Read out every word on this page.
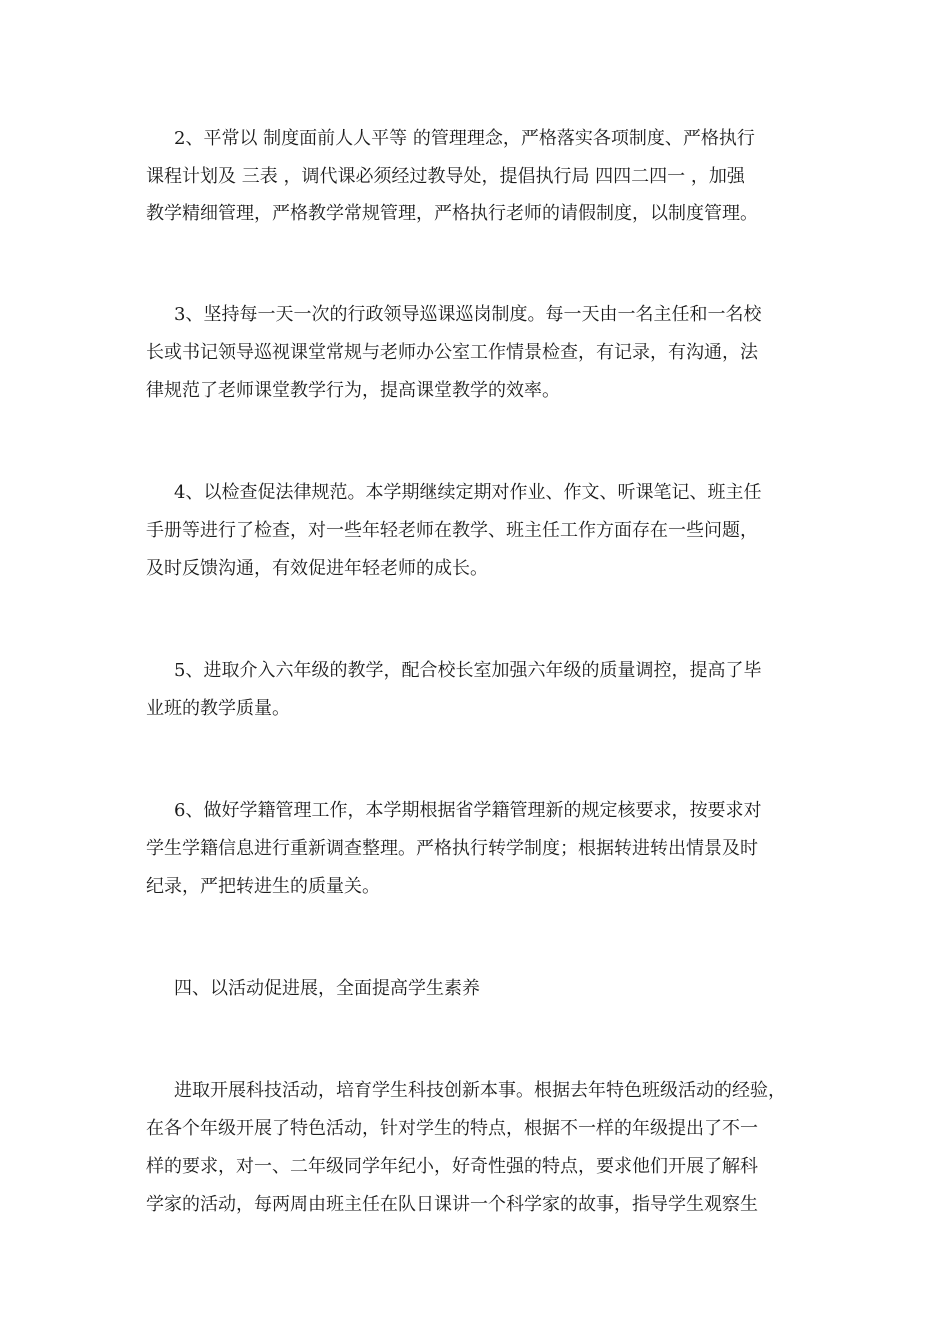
2、平常以 制度面前人人平等 的管理理念，严格落实各项制度、严格执行

课程计划及 三表 ，调代课必须经过教导处，提倡执行局 四四二四一 ，加强

教学精细管理，严格教学常规管理，严格执行老师的请假制度，以制度管理。

3、坚持每一天一次的行政领导巡课巡岗制度。每一天由一名主任和一名校

长或书记领导巡视课堂常规与老师办公室工作情景检查，有记录，有沟通，法

律规范了老师课堂教学行为，提高课堂教学的效率。

4、以检查促法律规范。本学期继续定期对作业、作文、听课笔记、班主任

手册等进行了检查，对一些年轻老师在教学、班主任工作方面存在一些问题，

及时反馈沟通，有效促进年轻老师的成长。

5、进取介入六年级的教学，配合校长室加强六年级的质量调控，提高了毕

业班的教学质量。

6、做好学籍管理工作，本学期根据省学籍管理新的规定核要求，按要求对

学生学籍信息进行重新调查整理。严格执行转学制度；根据转进转出情景及时

纪录，严把转进生的质量关。

四、以活动促进展，全面提高学生素养

进取开展科技活动，培育学生科技创新本事。根据去年特色班级活动的经验，

在各个年级开展了特色活动，针对学生的特点，根据不一样的年级提出了不一

样的要求，对一、二年级同学年纪小，好奇性强的特点，要求他们开展了解科

学家的活动，每两周由班主任在队日课讲一个科学家的故事，指导学生观察生
